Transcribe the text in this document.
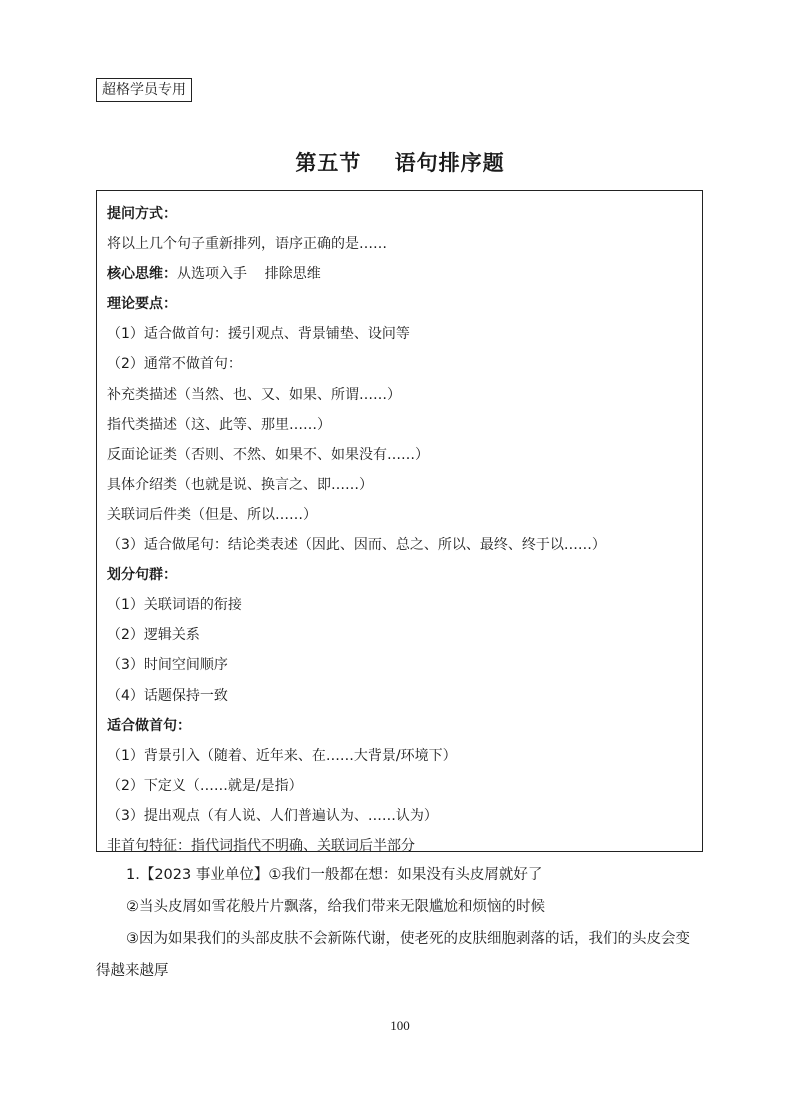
超格学员专用
第五节    语句排序题
提问方式：
将以上几个句子重新排列，语序正确的是……
核心思维：从选项入手    排除思维
理论要点：
（1）适合做首句：援引观点、背景铺垫、设问等
（2）通常不做首句：
补充类描述（当然、也、又、如果、所谓……）
指代类描述（这、此等、那里……）
反面论证类（否则、不然、如果不、如果没有……）
具体介绍类（也就是说、换言之、即……）
关联词后件类（但是、所以……）
（3）适合做尾句：结论类表述（因此、因而、总之、所以、最终、终于以……）
划分句群：
（1）关联词语的衔接
（2）逻辑关系
（3）时间空间顺序
（4）话题保持一致
适合做首句：
（1）背景引入（随着、近年来、在……大背景/环境下）
（2）下定义（……就是/是指）
（3）提出观点（有人说、人们普遍认为、……认为）
非首句特征：指代词指代不明确、关联词后半部分
1.【2023 事业单位】①我们一般都在想：如果没有头皮屑就好了
②当头皮屑如雪花般片片飘落，给我们带来无限尴尬和烦恼的时候
③因为如果我们的头部皮肤不会新陈代谢，使老死的皮肤细胞剥落的话，我们的头皮会变
得越来越厚
100
